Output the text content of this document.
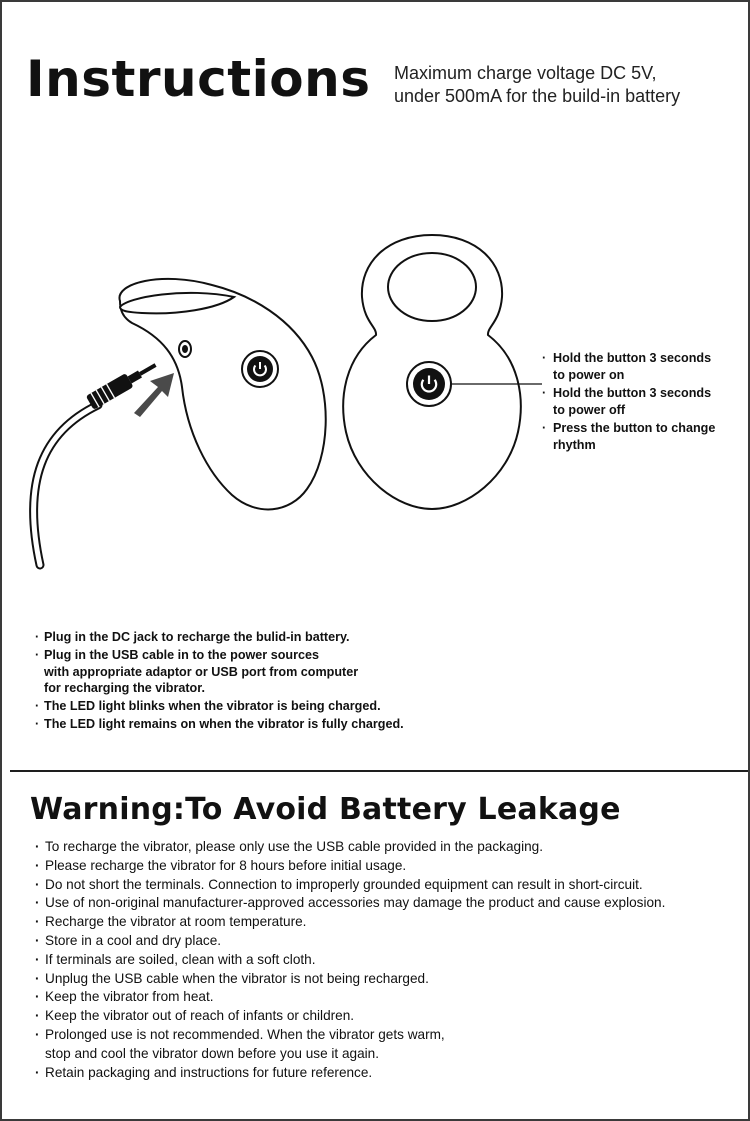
Instructions Maximum charge voltage DC 5V,
under 500mA for the build-in battery
· Hold the button 3 seconds
to power on
· Hold the button 3 seconds
to power off
· Press the button to change
rhythm
· Plug in the DC jack to recharge the bulid-in battery.
· Plug in the USB cable in to the power sources
with appropriate adaptor or USB port from computer
for recharging the vibrator.
· The LED light blinks when the vibrator is being charged.
· The LED light remains on when the vibrator is fully charged.
Warning:To Avoid Battery Leakage
· To recharge the vibrator, please only use the USB cable provided in the packaging.
· Please recharge the vibrator for 8 hours before initial usage.
· Do not short the terminals. Connection to improperly grounded equipment can result in short-circuit.
· Use of non-original manufacturer-approved accessories may damage the product and cause explosion.
· Recharge the vibrator at room temperature.
· Store in a cool and dry place.
· If terminals are soiled, clean with a soft cloth.
· Unplug the USB cable when the vibrator is not being recharged.
· Keep the vibrator from heat.
· Keep the vibrator out of reach of infants or children.
· Prolonged use is not recommended. When the vibrator gets warm,
stop and cool the vibrator down before you use it again.
· Retain packaging and instructions for future reference.
